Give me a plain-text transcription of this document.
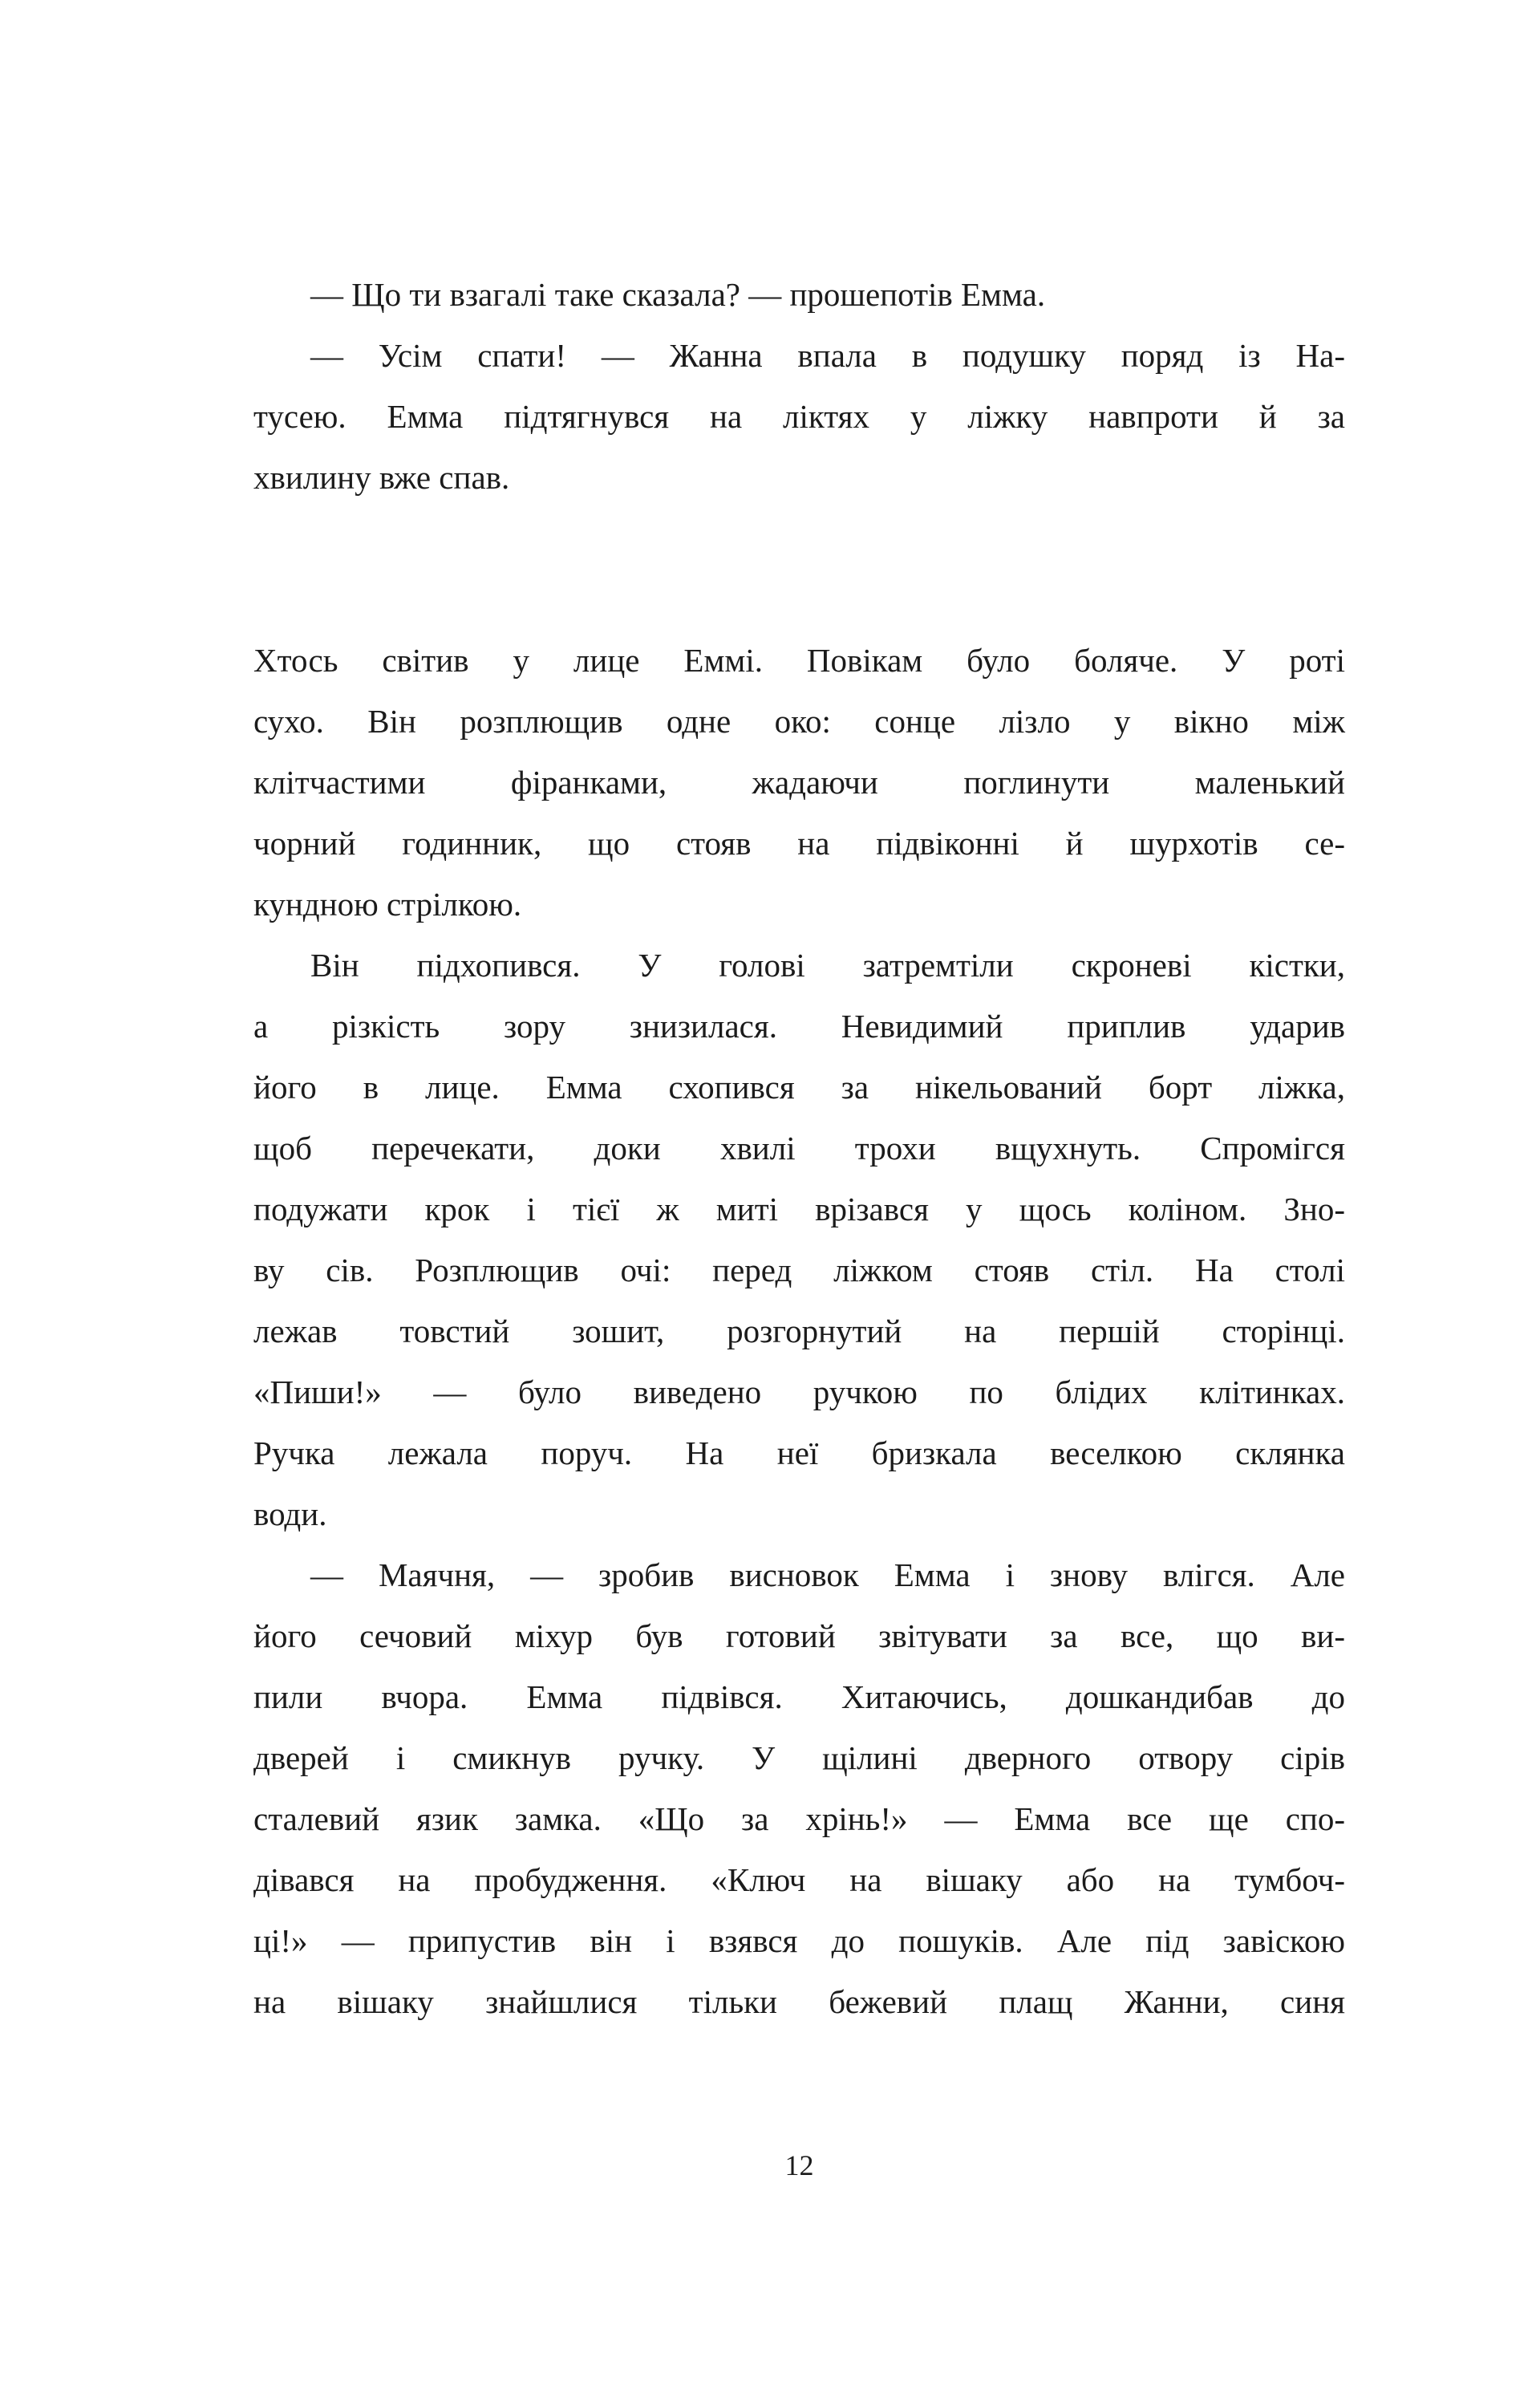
— Що ти взагалі таке сказала? — прошепотів Емма.
— Усім спати! — Жанна впала в подушку поряд із На-
тусею. Емма підтягнувся на ліктях у ліжку навпроти й за
хвилину вже спав.
Хтось світив у лице Еммі. Повікам було боляче. У роті
сухо. Він розплющив одне око: сонце лізло у вікно між
клітчастими фіранками, жадаючи поглинути маленький
чорний годинник, що стояв на підвіконні й шурхотів се-
кундною стрілкою.
Він підхопився. У голові затремтіли скроневі кістки,
а різкість зору знизилася. Невидимий приплив ударив
його в лице. Емма схопився за нікельований борт ліжка,
щоб перечекати, доки хвилі трохи вщухнуть. Спромігся
подужати крок і тієї ж миті врізався у щось коліном. Зно-
ву сів. Розплющив очі: перед ліжком стояв стіл. На столі
лежав товстий зошит, розгорнутий на першій сторінці.
«Пиши!» — було виведено ручкою по блідих клітинках.
Ручка лежала поруч. На неї бризкала веселкою склянка
води.
— Маячня, — зробив висновок Емма і знову влігся. Але
його сечовий міхур був готовий звітувати за все, що ви-
пили вчора. Емма підвівся. Хитаючись, дошкандибав до
дверей і смикнув ручку. У щілині дверного отвору сірів
сталевий язик замка. «Що за хрінь!» — Емма все ще спо-
дівався на пробудження. «Ключ на вішаку або на тумбоч-
ці!» — припустив він і взявся до пошуків. Але під завіскою
на вішаку знайшлися тільки бежевий плащ Жанни, синя
12
